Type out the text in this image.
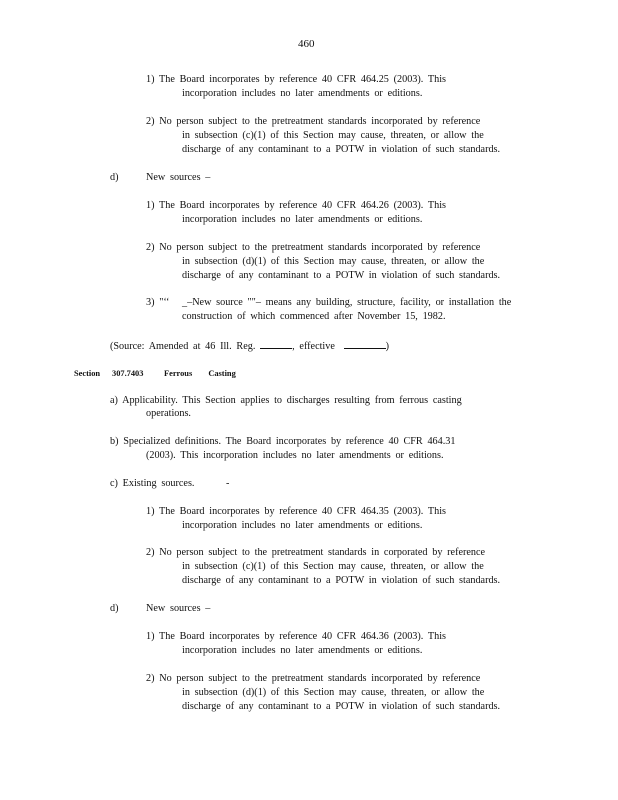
460
1) The Board incorporates by reference 40 CFR 464.25 (2003). This
incorporation includes no later amendments or editions.
2) No person subject to the pretreatment standards incorporated by reference
in subsection (c)(1) of this Section may cause, threaten, or allow the
discharge of any contaminant to a POTW in violation of such standards.
d)	New sources –
1) The Board incorporates by reference 40 CFR 464.26 (2003). This
incorporation includes no later amendments or editions.
2) No person subject to the pretreatment standards incorporated by reference
in subsection (d)(1) of this Section may cause, threaten, or allow the
discharge of any contaminant to a POTW in violation of such standards.
3) "‘‘ _–New source ""– means any building, structure, facility, or installation the
construction of which commenced after November 15, 1982.
(Source: Amended at 46 Ill. Reg.	, effective	)
Section 307.7403 Ferrous Casting
a) Applicability. This Section applies to discharges resulting from ferrous casting
operations.
b) Specialized definitions. The Board incorporates by reference 40 CFR 464.31
(2003). This incorporation includes no later amendments or editions.
c) Existing sources.	-
1) The Board incorporates by reference 40 CFR 464.35 (2003). This
incorporation includes no later amendments or editions.
2) No person subject to the pretreatment standards in corporated by reference
in subsection (c)(1) of this Section may cause, threaten, or allow the
discharge of any contaminant to a POTW in violation of such standards.
d)	New sources –
1) The Board incorporates by reference 40 CFR 464.36 (2003). This
incorporation includes no later amendments or editions.
2) No person subject to the pretreatment standards incorporated by reference
in subsection (d)(1) of this Section may cause, threaten, or allow the
discharge of any contaminant to a POTW in violation of such standards.
